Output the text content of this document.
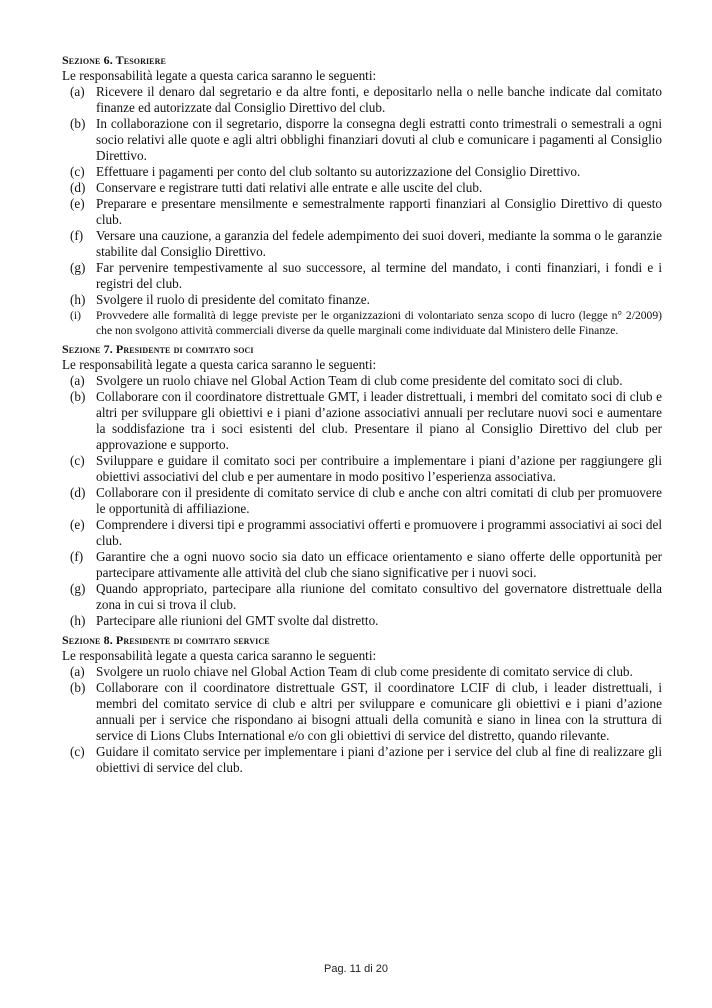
Sezione 6. Tesoriere
Le responsabilità legate a questa carica saranno le seguenti:
(a) Ricevere il denaro dal segretario e da altre fonti, e depositarlo nella o nelle banche indicate dal comitato finanze ed autorizzate dal Consiglio Direttivo del club.
(b) In collaborazione con il segretario, disporre la consegna degli estratti conto trimestrali o semestrali a ogni socio relativi alle quote e agli altri obblighi finanziari dovuti al club e comunicare i pagamenti al Consiglio Direttivo.
(c) Effettuare i pagamenti per conto del club soltanto su autorizzazione del Consiglio Direttivo.
(d) Conservare e registrare tutti dati relativi alle entrate e alle uscite del club.
(e) Preparare e presentare mensilmente e semestralmente rapporti finanziari al Consiglio Direttivo di questo club.
(f) Versare una cauzione, a garanzia del fedele adempimento dei suoi doveri, mediante la somma o le garanzie stabilite dal Consiglio Direttivo.
(g) Far pervenire tempestivamente al suo successore, al termine del mandato, i conti finanziari, i fondi e i registri del club.
(h) Svolgere il ruolo di presidente del comitato finanze.
(i)	Provvedere alle formalità di legge previste per le organizzazioni di volontariato senza scopo di lucro (legge n° 2/2009) che non svolgono attività commerciali diverse da quelle marginali come individuate dal Ministero delle Finanze.
Sezione 7. Presidente di comitato soci
Le responsabilità legate a questa carica saranno le seguenti:
(a) Svolgere un ruolo chiave nel Global Action Team di club come presidente del comitato soci di club.
(b) Collaborare con il coordinatore distrettuale GMT, i leader distrettuali, i membri del comitato soci di club e altri per sviluppare gli obiettivi e i piani d’azione associativi annuali per reclutare nuovi soci e aumentare la soddisfazione tra i soci esistenti del club. Presentare il piano al Consiglio Direttivo del club per approvazione e supporto.
(c) Sviluppare e guidare il comitato soci per contribuire a implementare i piani d’azione per raggiungere gli obiettivi associativi del club e per aumentare in modo positivo l’esperienza associativa.
(d) Collaborare con il presidente di comitato service di club e anche con altri comitati di club per promuovere le opportunità di affiliazione.
(e) Comprendere i diversi tipi e programmi associativi offerti e promuovere i programmi associativi ai soci del club.
(f) Garantire che a ogni nuovo socio sia dato un efficace orientamento e siano offerte delle opportunità per partecipare attivamente alle attività del club che siano significative per i nuovi soci.
(g) Quando appropriato, partecipare alla riunione del comitato consultivo del governatore distrettuale della zona in cui si trova il club.
(h) Partecipare alle riunioni del GMT svolte dal distretto.
Sezione 8. Presidente di comitato service
Le responsabilità legate a questa carica saranno le seguenti:
(a) Svolgere un ruolo chiave nel Global Action Team di club come presidente di comitato service di club.
(b) Collaborare con il coordinatore distrettuale GST, il coordinatore LCIF di club, i leader distrettuali, i membri del comitato service di club e altri per sviluppare e comunicare gli obiettivi e i piani d’azione annuali per i service che rispondano ai bisogni attuali della comunità e siano in linea con la struttura di service di Lions Clubs International e/o con gli obiettivi di service del distretto, quando rilevante.
(c) Guidare il comitato service per implementare i piani d’azione per i service del club al fine di realizzare gli obiettivi di service del club.
Pag. 11 di 20
